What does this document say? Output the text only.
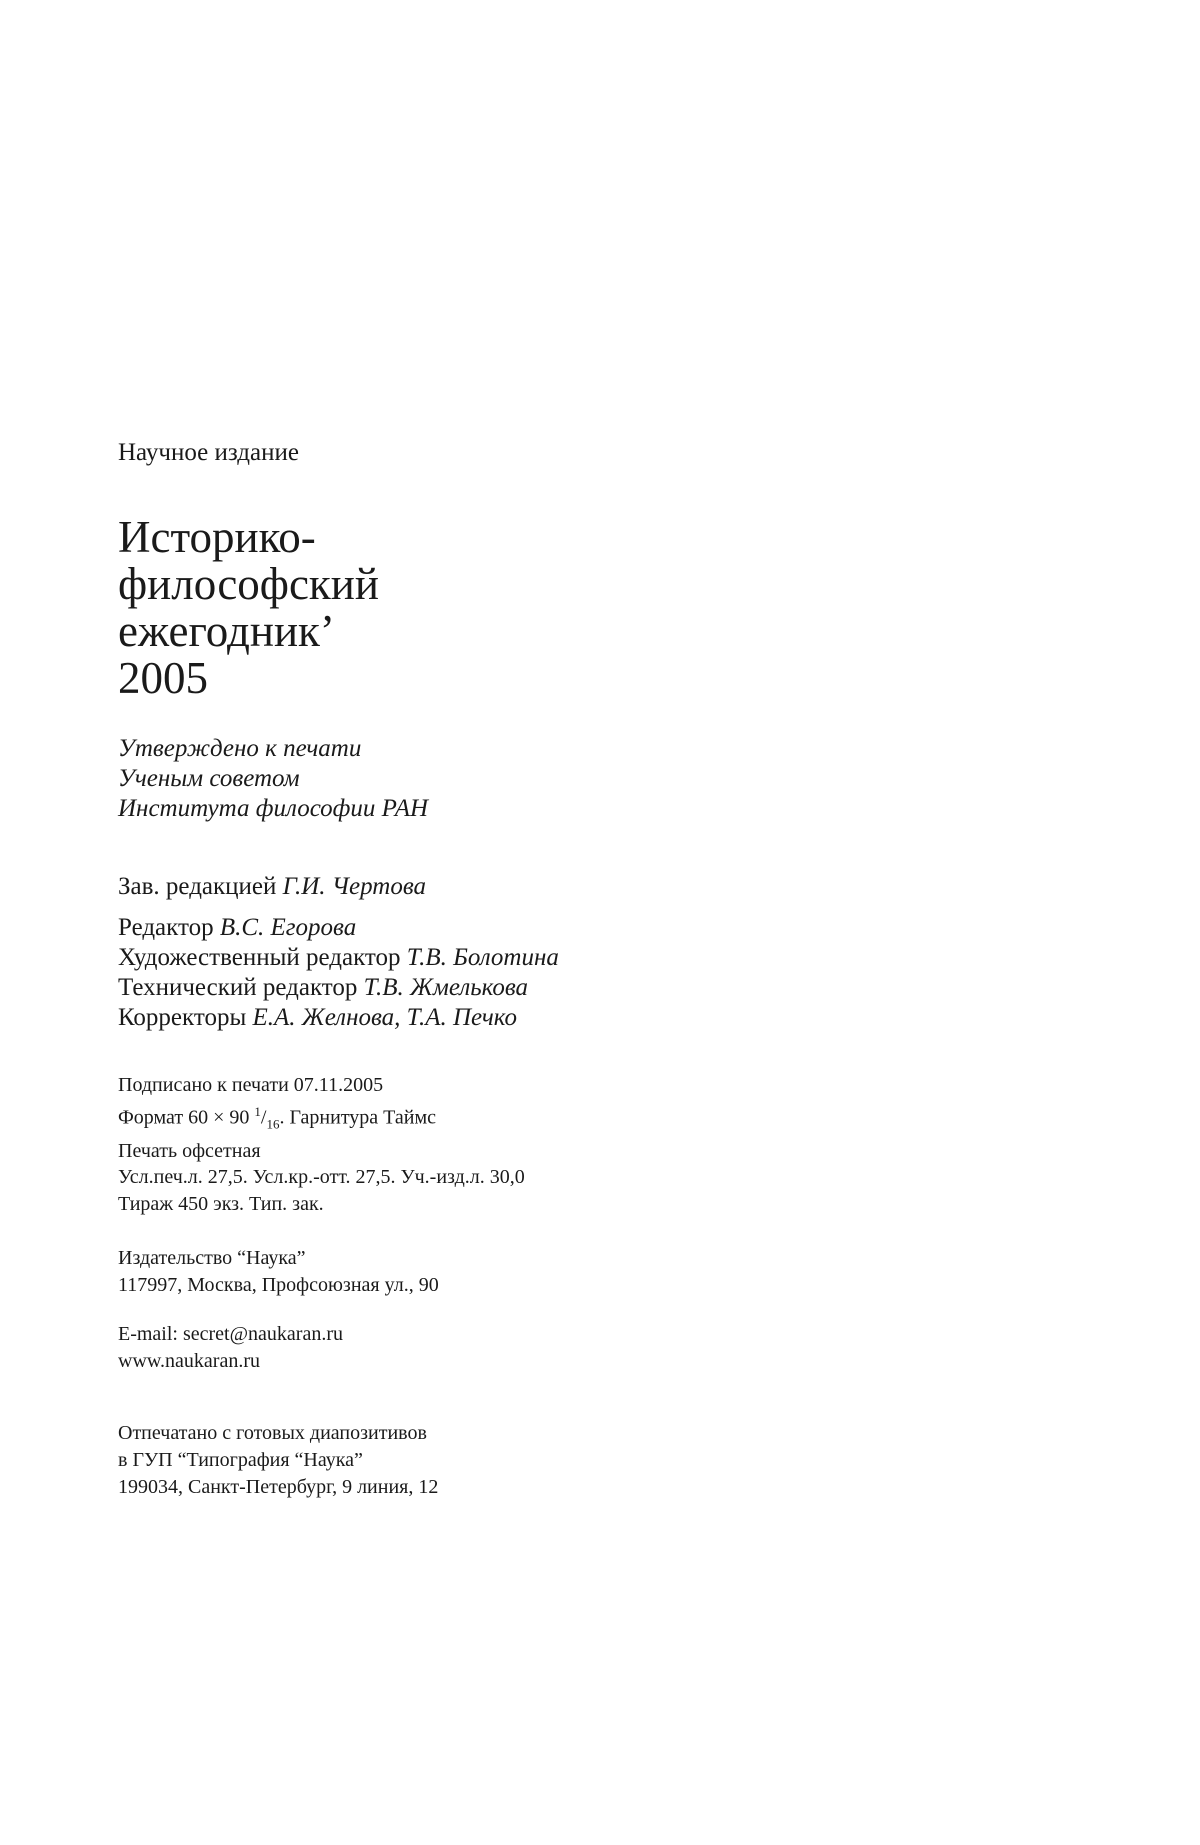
Научное издание
Историко-
философский
ежегодник’
2005
Утверждено к печати
Ученым советом
Института философии РАН
Зав. редакцией Г.И. Чертова
Редактор В.С. Егорова
Художественный редактор Т.В. Болотина
Технический редактор Т.В. Жмелькова
Корректоры Е.А. Желнова, Т.А. Печко
Подписано к печати 07.11.2005
Формат 60 × 90 $^1/_{16}$. Гарнитура Таймс
Печать офсетная
Усл.печ.л. 27,5. Усл.кр.-отт. 27,5. Уч.-изд.л. 30,0
Тираж 450 экз. Тип. зак.
Издательство “Наука”
117997, Москва, Профсоюзная ул., 90
E-mail: secret@naukaran.ru
www.naukaran.ru
Отпечатано с готовых диапозитивов
в ГУП “Типография “Наука”
199034, Санкт-Петербург, 9 линия, 12
